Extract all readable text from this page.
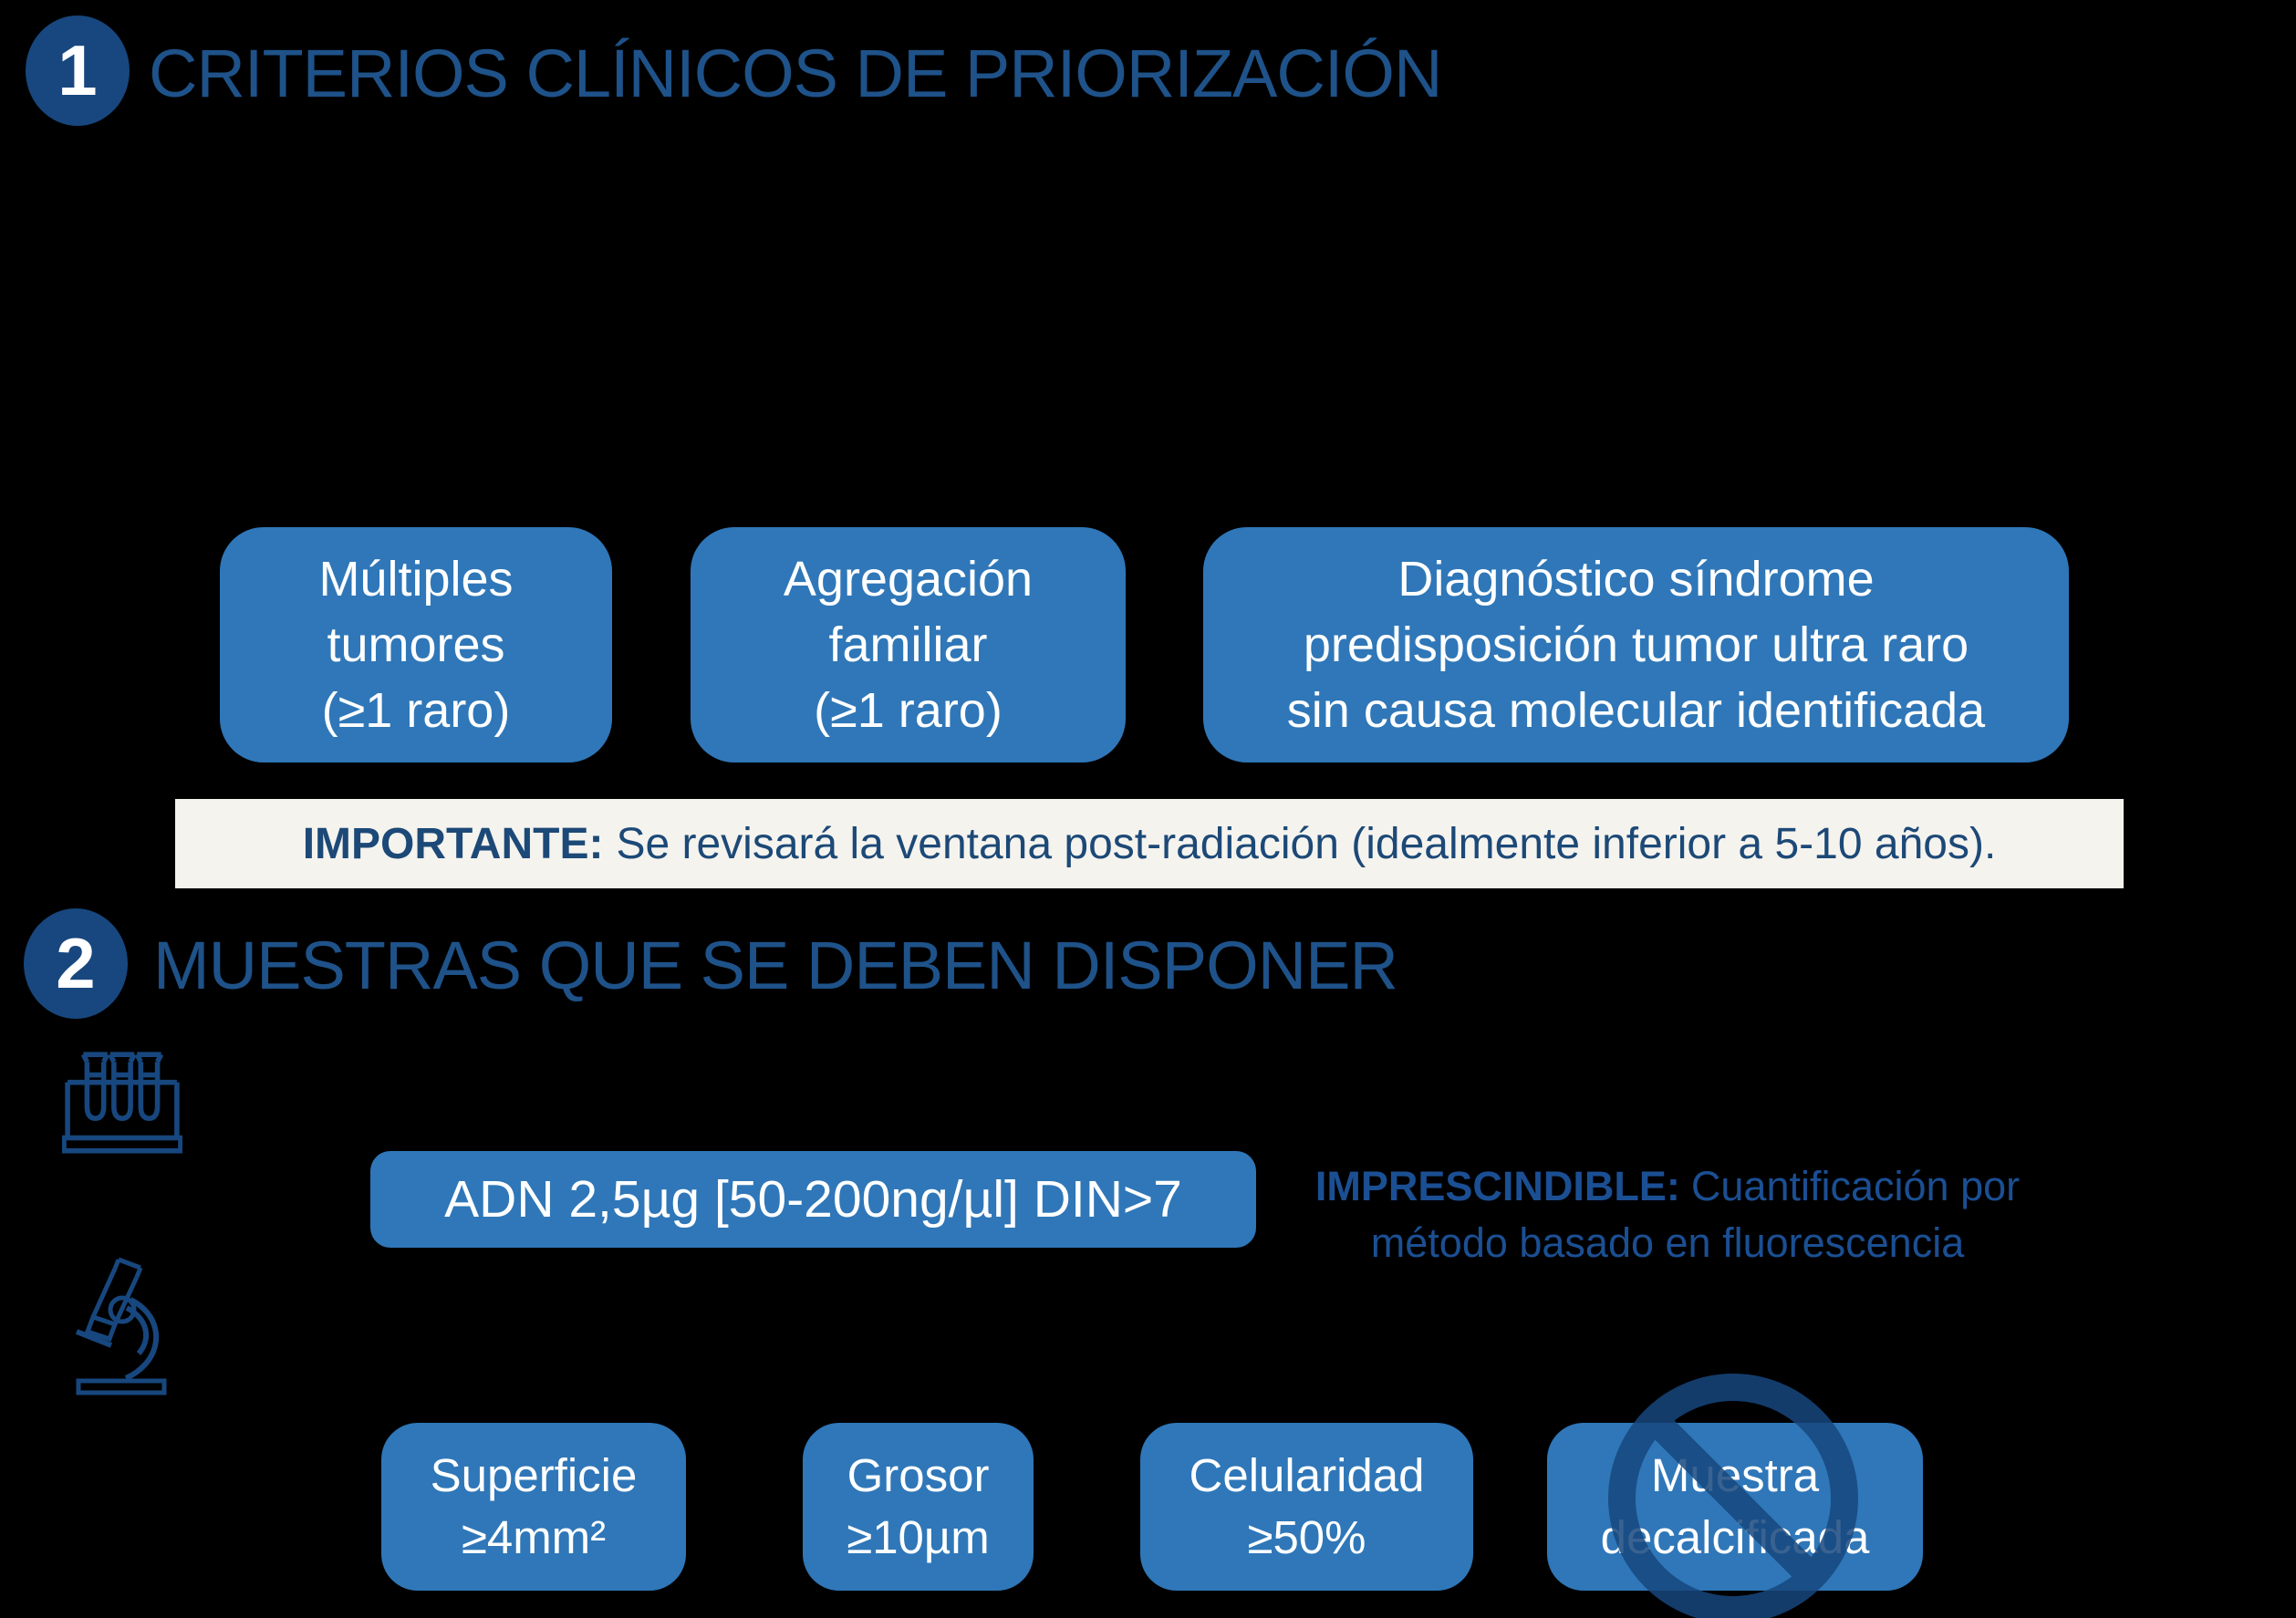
1 CRITERIOS CLÍNICOS DE PRIORIZACIÓN
Múltiples
tumores
(≥1 raro)
Agregación
familiar
(≥1 raro)
Diagnóstico síndrome
predisposición tumor ultra raro
sin causa molecular identificada
IMPORTANTE: Se revisará la ventana post-radiación (idealmente inferior a 5-10 años).
2 MUESTRAS QUE SE DEBEN DISPONER
ADN 2,5µg [50-200ng/µl] DIN>7	IMPRESCINDIBLE: Cuantificación por
método basado en fluorescencia
Superficie
≥4mm²
Grosor
≥10µm
Celularidad
≥50%
Muestra
decalcificada
